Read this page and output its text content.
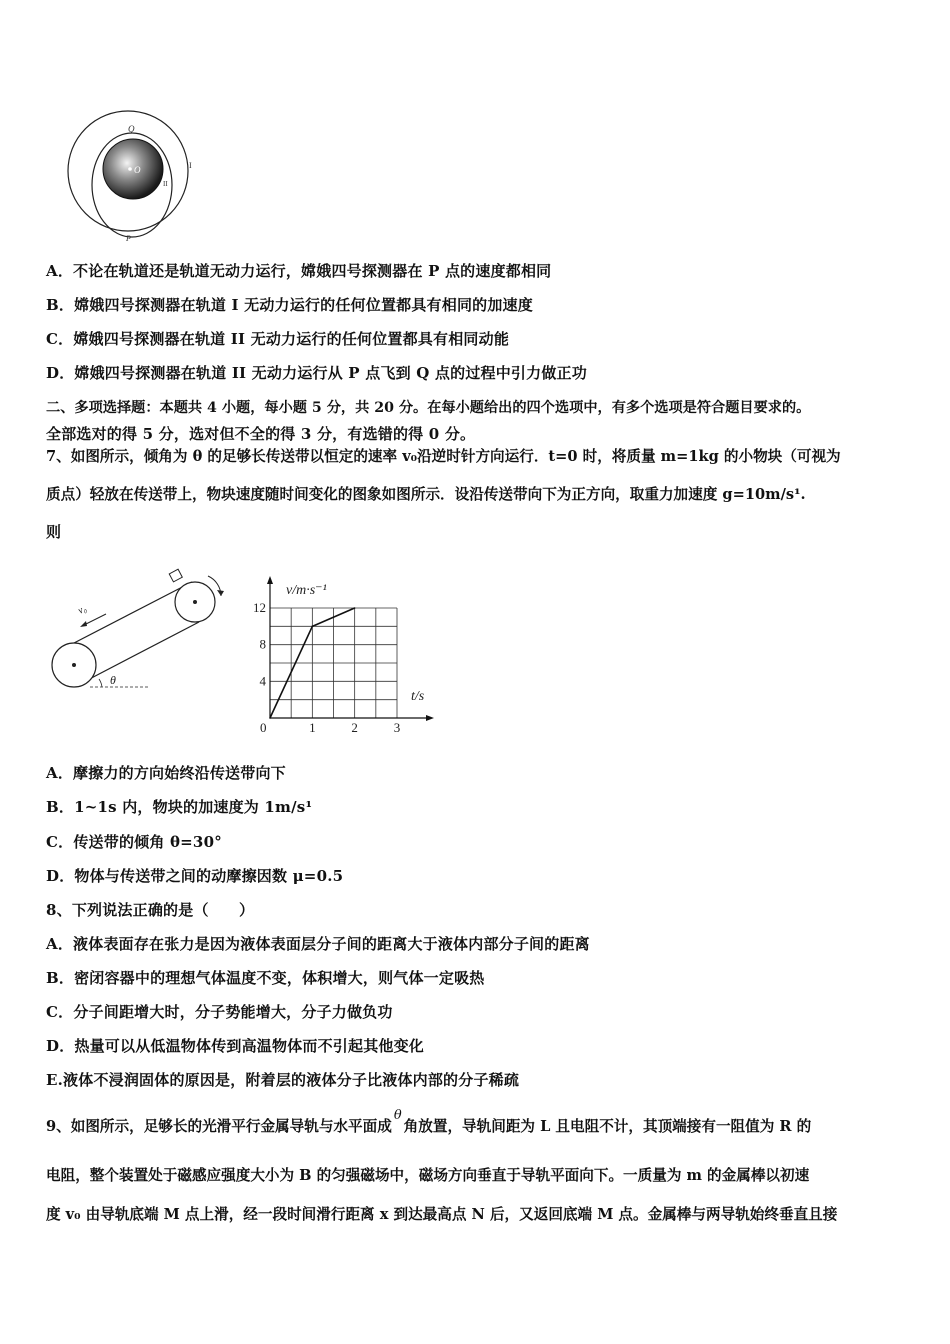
O
Q
I
II
P
A．不论在轨道还是轨道无动力运行，嫦娥四号探测器在 P 点的速度都相同
B．嫦娥四号探测器在轨道 I 无动力运行的任何位置都具有相同的加速度
C．嫦娥四号探测器在轨道 II 无动力运行的任何位置都具有相同动能
D．嫦娥四号探测器在轨道 II 无动力运行从 P 点飞到 Q 点的过程中引力做正功
二、多项选择题：本题共 4 小题，每小题 5 分，共 20 分。在每小题给出的四个选项中，有多个选项是符合题目要求的。
全部选对的得 5 分，选对但不全的得 3 分，有选错的得 0 分。
7、如图所示，倾角为 θ 的足够长传送带以恒定的速率 v₀沿逆时针方向运行．t=0 时，将质量 m=1kg 的小物块（可视为
质点）轻放在传送带上，物块速度随时间变化的图象如图所示．设沿传送带向下为正方向，取重力加速度 g=10m/s¹.
则
v₀
θ
v/m·s⁻¹
t/s
0
4
8
12
1	2	3
A．摩擦力的方向始终沿传送带向下
B．1~1s 内，物块的加速度为 1m/s¹
C．传送带的倾角 θ=30°
D．物体与传送带之间的动摩擦因数 μ=0.5
8、下列说法正确的是（　　）
A．液体表面存在张力是因为液体表面层分子间的距离大于液体内部分子间的距离
B．密闭容器中的理想气体温度不变，体积增大，则气体一定吸热
C．分子间距增大时，分子势能增大，分子力做负功
D．热量可以从低温物体传到高温物体而不引起其他变化
E.液体不浸润固体的原因是，附着层的液体分子比液体内部的分子稀疏
9、如图所示，足够长的光滑平行金属导轨与水平面成θ角放置，导轨间距为 L 且电阻不计，其顶端接有一阻值为 R 的
电阻，整个装置处于磁感应强度大小为 B 的匀强磁场中，磁场方向垂直于导轨平面向下。一质量为 m 的金属棒以初速
度 v₀ 由导轨底端 M 点上滑，经一段时间滑行距离 x 到达最高点 N 后，又返回底端 M 点。金属棒与两导轨始终垂直且接
